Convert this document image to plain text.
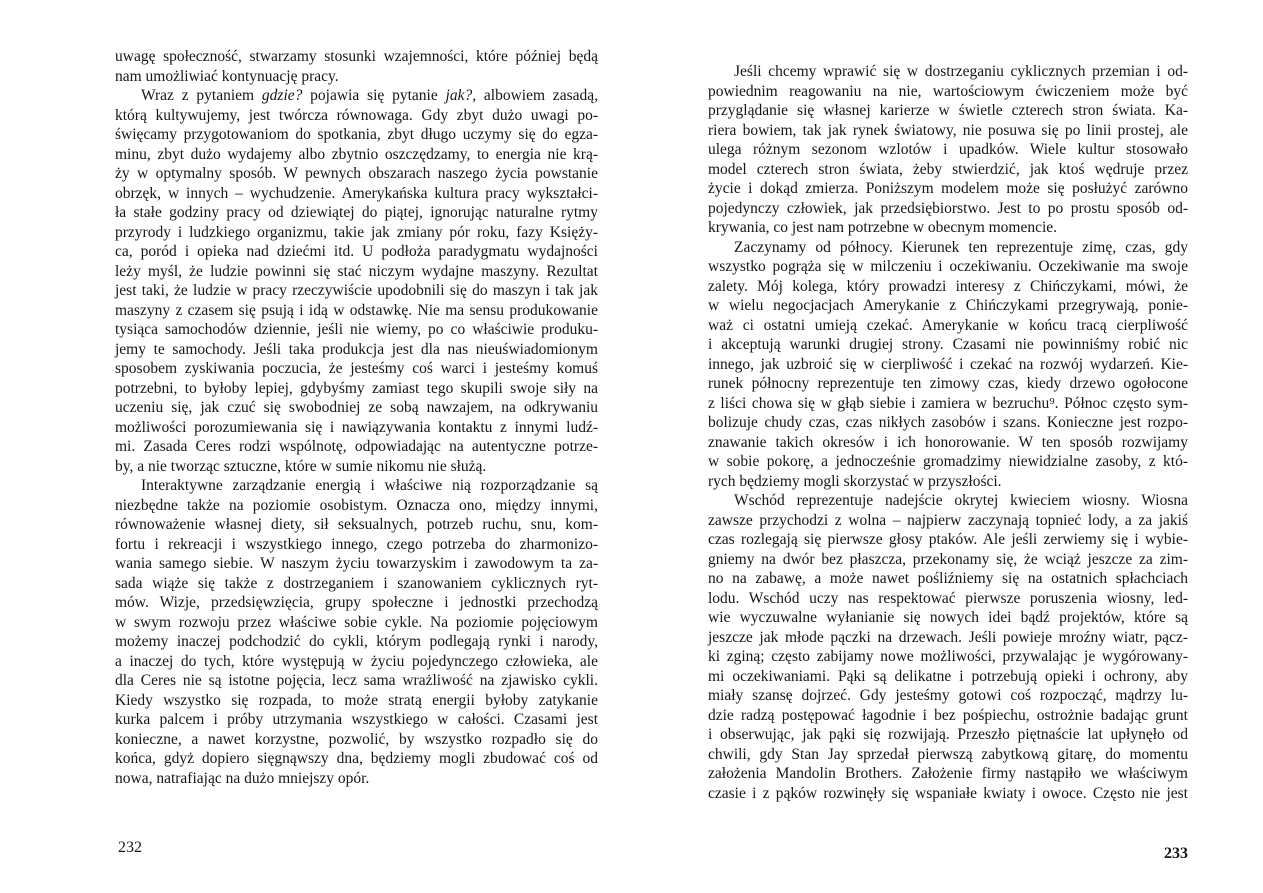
uwagę społeczność, stwarzamy stosunki wzajemności, które później będą
nam umożliwiać kontynuację pracy.
Wraz z pytaniem gdzie? pojawia się pytanie jak?, albowiem zasadą,
którą kultywujemy, jest twórcza równowaga. Gdy zbyt dużo uwagi po-
święcamy przygotowaniom do spotkania, zbyt długo uczymy się do egza-
minu, zbyt dużo wydajemy albo zbytnio oszczędzamy, to energia nie krą-
ży w optymalny sposób. W pewnych obszarach naszego życia powstanie
obrzęk, w innych – wychudzenie. Amerykańska kultura pracy wykształci-
ła stałe godziny pracy od dziewiątej do piątej, ignorując naturalne rytmy
przyrody i ludzkiego organizmu, takie jak zmiany pór roku, fazy Księży-
ca, poród i opieka nad dziećmi itd. U podłoża paradygmatu wydajności
leży myśl, że ludzie powinni się stać niczym wydajne maszyny. Rezultat
jest taki, że ludzie w pracy rzeczywiście upodobnili się do maszyn i tak jak
maszyny z czasem się psują i idą w odstawkę. Nie ma sensu produkowanie
tysiąca samochodów dziennie, jeśli nie wiemy, po co właściwie produku-
jemy te samochody. Jeśli taka produkcja jest dla nas nieuświadomionym
sposobem zyskiwania poczucia, że jesteśmy coś warci i jesteśmy komuś
potrzebni, to byłoby lepiej, gdybyśmy zamiast tego skupili swoje siły na
uczeniu się, jak czuć się swobodniej ze sobą nawzajem, na odkrywaniu
możliwości porozumiewania się i nawiązywania kontaktu z innymi ludź-
mi. Zasada Ceres rodzi wspólnotę, odpowiadając na autentyczne potrze-
by, a nie tworząc sztuczne, które w sumie nikomu nie służą.
Interaktywne zarządzanie energią i właściwe nią rozporządzanie są
niezbędne także na poziomie osobistym. Oznacza ono, między innymi,
równoważenie własnej diety, sił seksualnych, potrzeb ruchu, snu, kom-
fortu i rekreacji i wszystkiego innego, czego potrzeba do zharmonizo-
wania samego siebie. W naszym życiu towarzyskim i zawodowym ta za-
sada wiąże się także z dostrzeganiem i szanowaniem cyklicznych ryt-
mów. Wizje, przedsięwzięcia, grupy społeczne i jednostki przechodzą
w swym rozwoju przez właściwe sobie cykle. Na poziomie pojęciowym
możemy inaczej podchodzić do cykli, którym podlegają rynki i narody,
a inaczej do tych, które występują w życiu pojedynczego człowieka, ale
dla Ceres nie są istotne pojęcia, lecz sama wrażliwość na zjawisko cykli.
Kiedy wszystko się rozpada, to może stratą energii byłoby zatykanie
kurka palcem i próby utrzymania wszystkiego w całości. Czasami jest
konieczne, a nawet korzystne, pozwolić, by wszystko rozpadło się do
końca, gdyż dopiero sięgnąwszy dna, będziemy mogli zbudować coś od
nowa, natrafiając na dużo mniejszy opór.
232
Jeśli chcemy wprawić się w dostrzeganiu cyklicznych przemian i od-
powiednim reagowaniu na nie, wartościowym ćwiczeniem może być
przyglądanie się własnej karierze w świetle czterech stron świata. Ka-
riera bowiem, tak jak rynek światowy, nie posuwa się po linii prostej, ale
ulega różnym sezonom wzlotów i upadków. Wiele kultur stosowało
model czterech stron świata, żeby stwierdzić, jak ktoś wędruje przez
życie i dokąd zmierza. Poniższym modelem może się posłużyć zarówno
pojedynczy człowiek, jak przedsiębiorstwo. Jest to po prostu sposób od-
krywania, co jest nam potrzebne w obecnym momencie.
Zaczynamy od północy. Kierunek ten reprezentuje zimę, czas, gdy
wszystko pogrąża się w milczeniu i oczekiwaniu. Oczekiwanie ma swoje
zalety. Mój kolega, który prowadzi interesy z Chińczykami, mówi, że
w wielu negocjacjach Amerykanie z Chińczykami przegrywają, ponie-
waż ci ostatni umieją czekać. Amerykanie w końcu tracą cierpliwość
i akceptują warunki drugiej strony. Czasami nie powinniśmy robić nic
innego, jak uzbroić się w cierpliwość i czekać na rozwój wydarzeń. Kie-
runek północny reprezentuje ten zimowy czas, kiedy drzewo ogołocone
z liści chowa się w głąb siebie i zamiera w bezruchu⁹. Północ często sym-
bolizuje chudy czas, czas nikłych zasobów i szans. Konieczne jest rozpo-
znawanie takich okresów i ich honorowanie. W ten sposób rozwijamy
w sobie pokorę, a jednocześnie gromadzimy niewidzialne zasoby, z któ-
rych będziemy mogli skorzystać w przyszłości.
Wschód reprezentuje nadejście okrytej kwieciem wiosny. Wiosna
zawsze przychodzi z wolna – najpierw zaczynają topnieć lody, a za jakiś
czas rozlegają się pierwsze głosy ptaków. Ale jeśli zerwiemy się i wybie-
gniemy na dwór bez płaszcza, przekonamy się, że wciąż jeszcze za zim-
no na zabawę, a może nawet pośliźniemy się na ostatnich spłachciach
lodu. Wschód uczy nas respektować pierwsze poruszenia wiosny, led-
wie wyczuwalne wyłanianie się nowych idei bądź projektów, które są
jeszcze jak młode pączki na drzewach. Jeśli powieje mroźny wiatr, pącz-
ki zginą; często zabijamy nowe możliwości, przywalając je wygórowany-
mi oczekiwaniami. Pąki są delikatne i potrzebują opieki i ochrony, aby
miały szansę dojrzeć. Gdy jesteśmy gotowi coś rozpocząć, mądrzy lu-
dzie radzą postępować łagodnie i bez pośpiechu, ostrożnie badając grunt
i obserwując, jak pąki się rozwijają. Przeszło piętnaście lat upłynęło od
chwili, gdy Stan Jay sprzedał pierwszą zabytkową gitarę, do momentu
założenia Mandolin Brothers. Założenie firmy nastąpiło we właściwym
czasie i z pąków rozwinęły się wspaniałe kwiaty i owoce. Często nie jest
233
